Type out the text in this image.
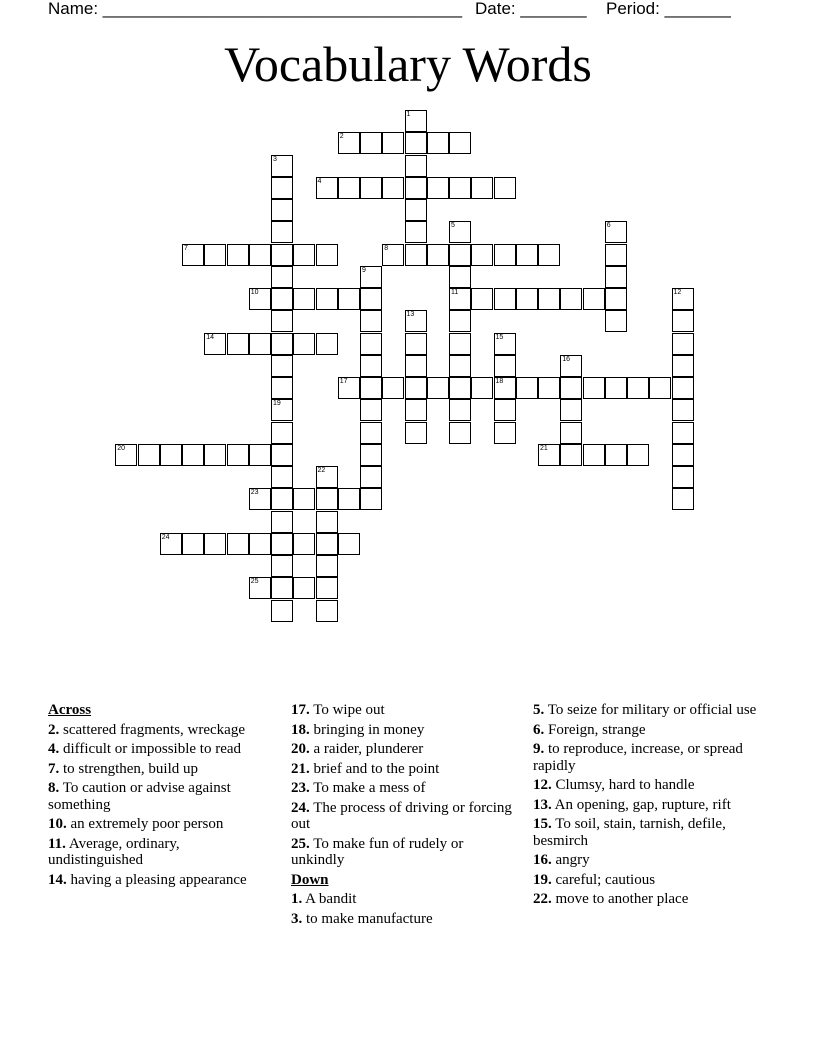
Name: ______________________________________ Date: _______ Period: _______
Vocabulary Words
2
4
7	8
10	11
14
17	18
20	21
23
24
25
1
3
19
5	6
9
12
13
15
16
22
Across
2. scattered fragments, wreckage
4. difficult or impossible to read
7. to strengthen, build up
8. To caution or advise against something
10. an extremely poor person
11. Average, ordinary, undistinguished
14. having a pleasing appearance
17. To wipe out
18. bringing in money
20. a raider, plunderer
21. brief and to the point
23. To make a mess of
24. The process of driving or forcing out
25. To make fun of rudely or unkindly
Down
1. A bandit
3. to make manufacture
5. To seize for military or official use
6. Foreign, strange
9. to reproduce, increase, or spread rapidly
12. Clumsy, hard to handle
13. An opening, gap, rupture, rift
15. To soil, stain, tarnish, defile, besmirch
16. angry
19. careful; cautious
22. move to another place
